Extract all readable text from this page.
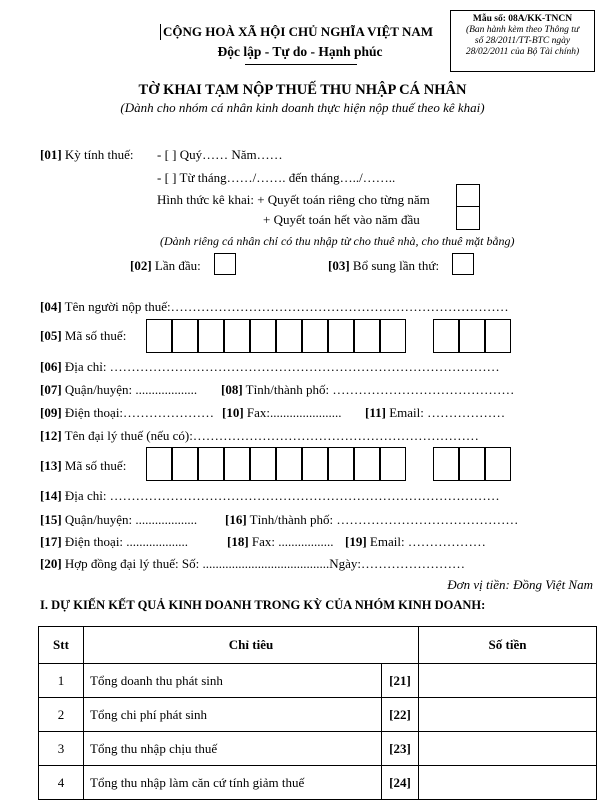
CỘNG HOÀ XÃ HỘI CHỦ NGHĨA VIỆT NAM
Độc lập - Tự do - Hạnh phúc
Mẫu số: 08A/KK-TNCN
(Ban hành kèm theo Thông tư
số 28/2011/TT-BTC ngày
28/02/2011 của Bộ Tài chính)
TỜ KHAI TẠM NỘP THUẾ THU NHẬP CÁ NHÂN
(Dành cho nhóm cá nhân kinh doanh thực hiện nộp thuế theo kê khai)
[01] Kỳ tính thuế: - [ ] Quý…… Năm……
- [ ] Từ tháng……/……. đến tháng…../……..
Hình thức kê khai: + Quyết toán riêng cho từng năm
+ Quyết toán hết vào năm đầu
(Dành riêng cá nhân chỉ có thu nhập từ cho thuê nhà, cho thuê mặt bằng)
[02] Lần đầu:	[03] Bổ sung lần thứ:
[04] Tên người nộp thuế:……………………………………………………………………
[05] Mã số thuế:
[06] Địa chỉ: ………………………………………………………………………………
[07] Quận/huyện: ................... [08] Tỉnh/thành phố: ……………………………………
[09] Điện thoại:………………… [10] Fax:...................... [11] Email: ………………
[12] Tên đại lý thuế (nếu có):…………………………………………………………
[13] Mã số thuế:
[14] Địa chỉ: ………………………………………………………………………………
[15] Quận/huyện: ................... [16] Tỉnh/thành phố: ……………………………………
[17] Điện thoại: ...................	[18] Fax: ................. [19] Email: ………………
[20] Hợp đồng đại lý thuế: Số: .......................................Ngày:……………………
Đơn vị tiền: Đồng Việt Nam
I. DỰ KIẾN KẾT QUẢ KINH DOANH TRONG KỲ CỦA NHÓM KINH DOANH:
Stt	Chỉ tiêu		Số tiền
1	Tổng doanh thu phát sinh	[21]	
2	Tổng chi phí phát sinh	[22]	
3	Tổng thu nhập chịu thuế	[23]	
4	Tổng thu nhập làm căn cứ tính giảm thuế	[24]	
